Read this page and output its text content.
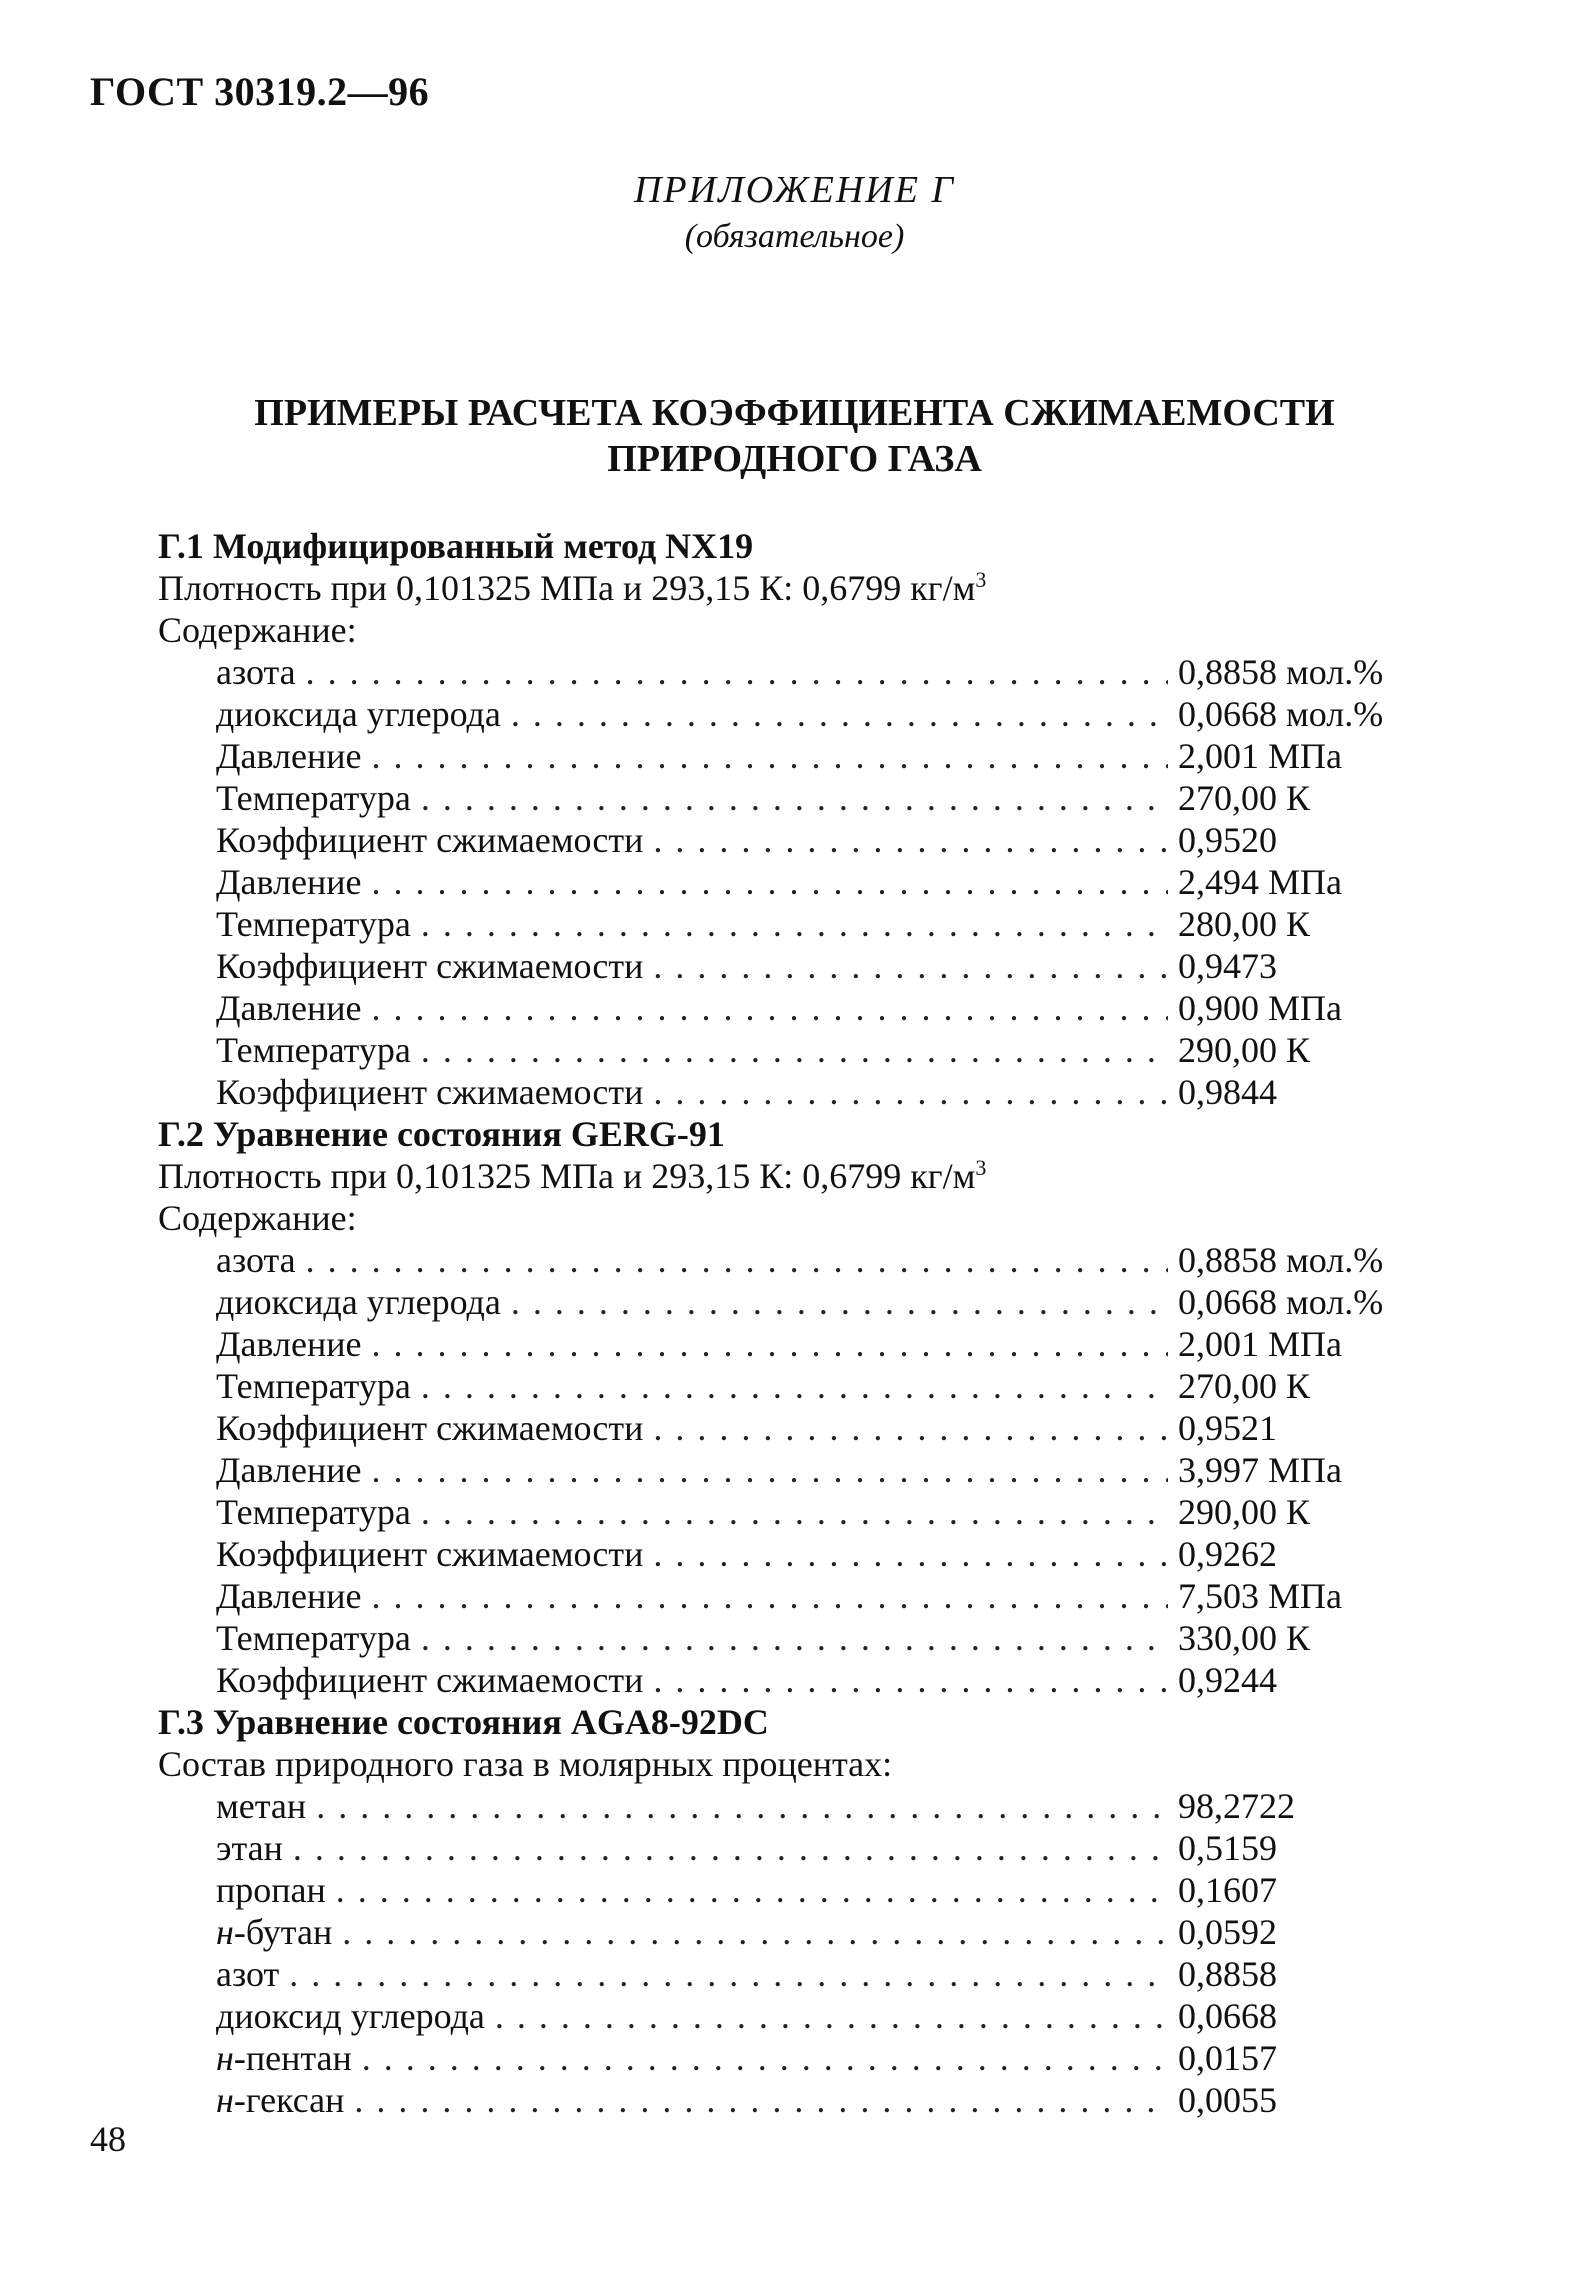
ГОСТ 30319.2—96
ПРИЛОЖЕНИЕ Г
(обязательное)
ПРИМЕРЫ РАСЧЕТА КОЭФФИЦИЕНТА СЖИМАЕМОСТИ
ПРИРОДНОГО ГАЗА
Г.1 Модифицированный метод NX19
Плотность при 0,101325 МПа и 293,15 К: 0,6799 $кг/м^3$
Содержание:
азота . . .	0,8858 мол.%
диоксида углерода . . .	0,0668 мол.%
Давление . . .	2,001 МПа
Температура . . .	270,00 К
Коэффициент сжимаемости . . .	0,9520
Давление . . .	2,494 МПа
Температура . . .	280,00 К
Коэффициент сжимаемости . . .	0,9473
Давление . . .	0,900 МПа
Температура . . .	290,00 К
Коэффициент сжимаемости . . .	0,9844
Г.2 Уравнение состояния GERG-91
Плотность при 0,101325 МПа и 293,15 К: 0,6799 $кг/м^3$
Содержание:
азота . . .	0,8858 мол.%
диоксида углерода . . .	0,0668 мол.%
Давление . . .	2,001 МПа
Температура . . .	270,00 К
Коэффициент сжимаемости . . .	0,9521
Давление . . .	3,997 МПа
Температура . . .	290,00 К
Коэффициент сжимаемости . . .	0,9262
Давление . . .	7,503 МПа
Температура . . .	330,00 К
Коэффициент сжимаемости . . .	0,9244
Г.3 Уравнение состояния AGA8-92DC
Состав природного газа в молярных процентах:
метан . . .	98,2722
этан . . .	0,5159
пропан . . .	0,1607
н-бутан . . .	0,0592
азот . . .	0,8858
диоксид углерода . . .	0,0668
н-пентан . . .	0,0157
н-гексан . . .	0,0055
48
